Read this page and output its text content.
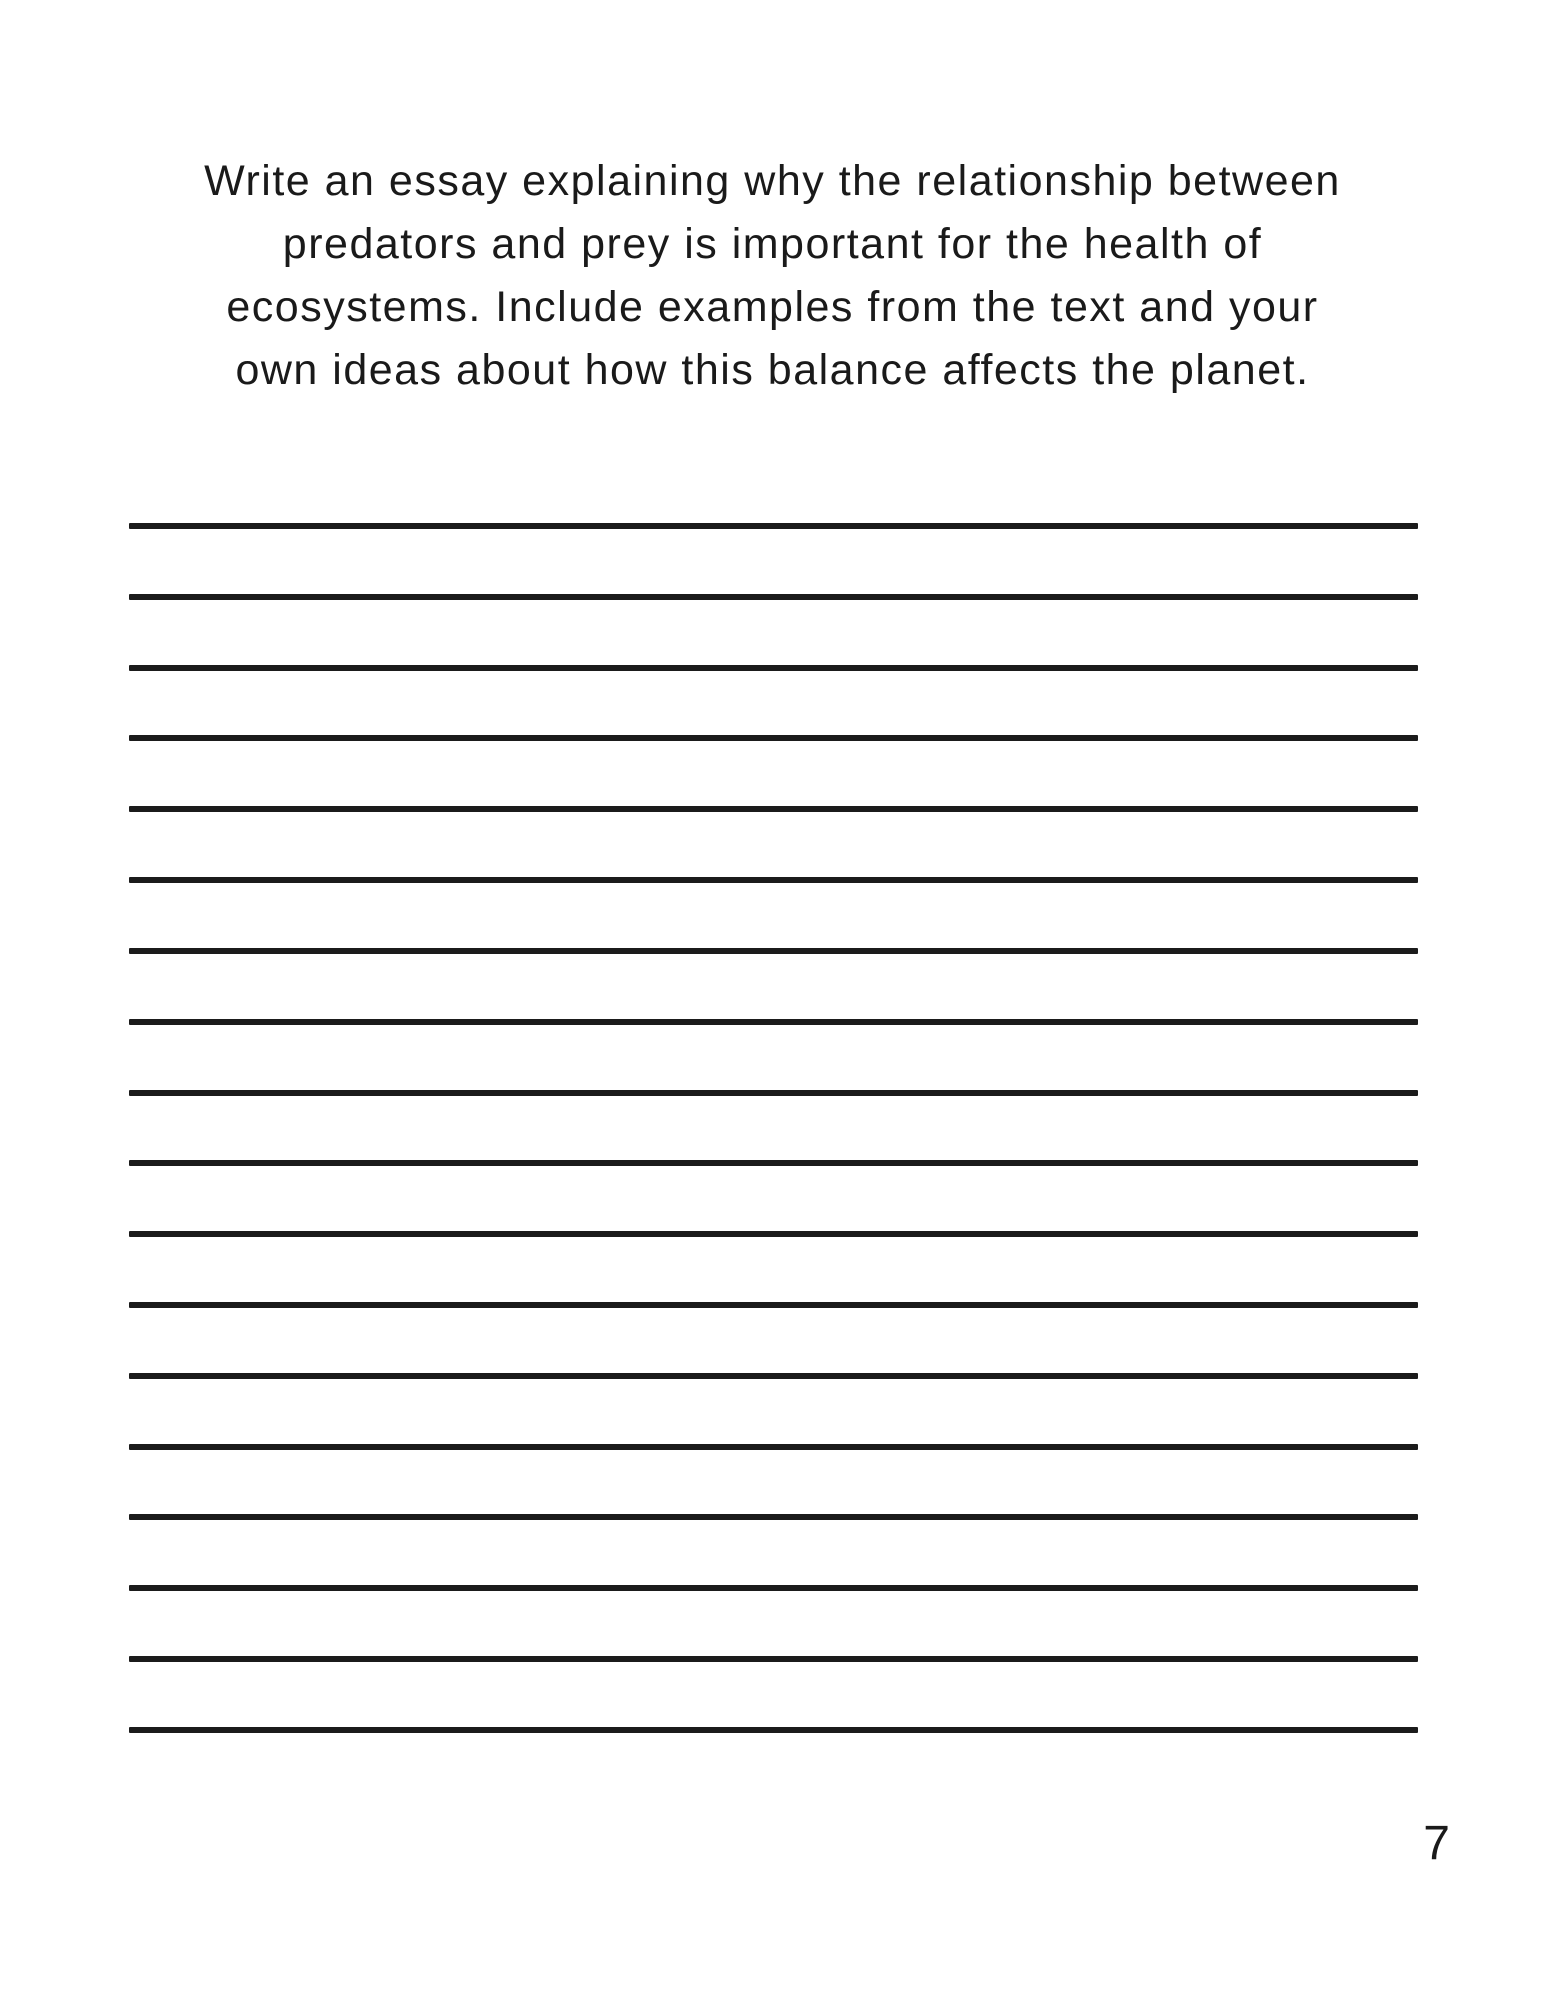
Write an essay explaining why the relationship between
predators and prey is important for the health of
ecosystems. Include examples from the text and your
own ideas about how this balance affects the planet.
7
